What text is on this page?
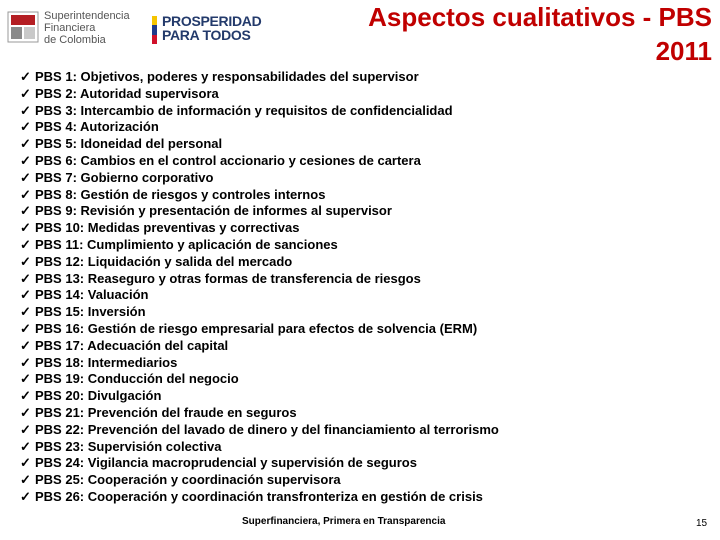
Superintendencia
Financiera
de Colombia
PROSPERIDAD
PARA TODOS
Aspectos cualitativos - PBS
2011
✓ PBS 1: Objetivos, poderes y responsabilidades del supervisor
✓ PBS 2: Autoridad supervisora
✓ PBS 3: Intercambio de información y requisitos de confidencialidad
✓ PBS 4: Autorización
✓ PBS 5: Idoneidad del personal
✓ PBS 6: Cambios en el control accionario y cesiones de cartera
✓ PBS 7: Gobierno corporativo
✓ PBS 8: Gestión de riesgos y controles internos
✓ PBS 9: Revisión y presentación de informes al supervisor
✓ PBS 10: Medidas preventivas y correctivas
✓ PBS 11: Cumplimiento y aplicación de sanciones
✓ PBS 12: Liquidación y salida del mercado
✓ PBS 13: Reaseguro y otras formas de transferencia de riesgos
✓ PBS 14: Valuación
✓ PBS 15: Inversión
✓ PBS 16: Gestión de riesgo empresarial para efectos de solvencia (ERM)
✓ PBS 17: Adecuación del capital
✓ PBS 18: Intermediarios
✓ PBS 19: Conducción del negocio
✓ PBS 20: Divulgación
✓ PBS 21: Prevención del fraude en seguros
✓ PBS 22: Prevención del lavado de dinero y del financiamiento al terrorismo
✓ PBS 23: Supervisión colectiva
✓ PBS 24: Vigilancia macroprudencial y supervisión de seguros
✓ PBS 25: Cooperación y coordinación supervisora
✓ PBS 26: Cooperación y coordinación transfronteriza en gestión de crisis
Superfinanciera, Primera en Transparencia	15
